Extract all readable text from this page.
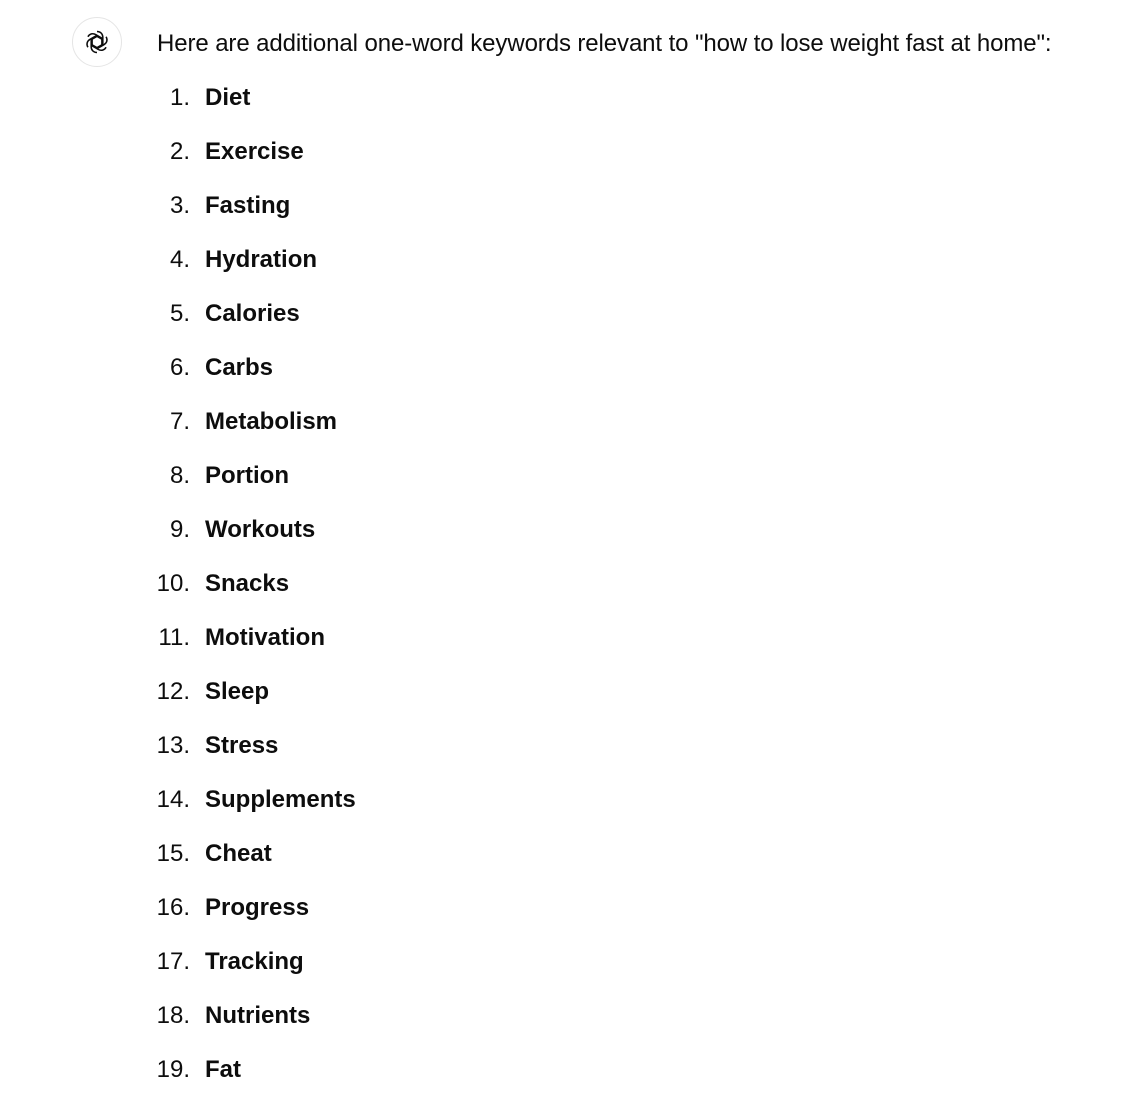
Here are additional one-word keywords relevant to "how to lose weight fast at home":
1. Diet
2. Exercise
3. Fasting
4. Hydration
5. Calories
6. Carbs
7. Metabolism
8. Portion
9. Workouts
10. Snacks
11. Motivation
12. Sleep
13. Stress
14. Supplements
15. Cheat
16. Progress
17. Tracking
18. Nutrients
19. Fat
